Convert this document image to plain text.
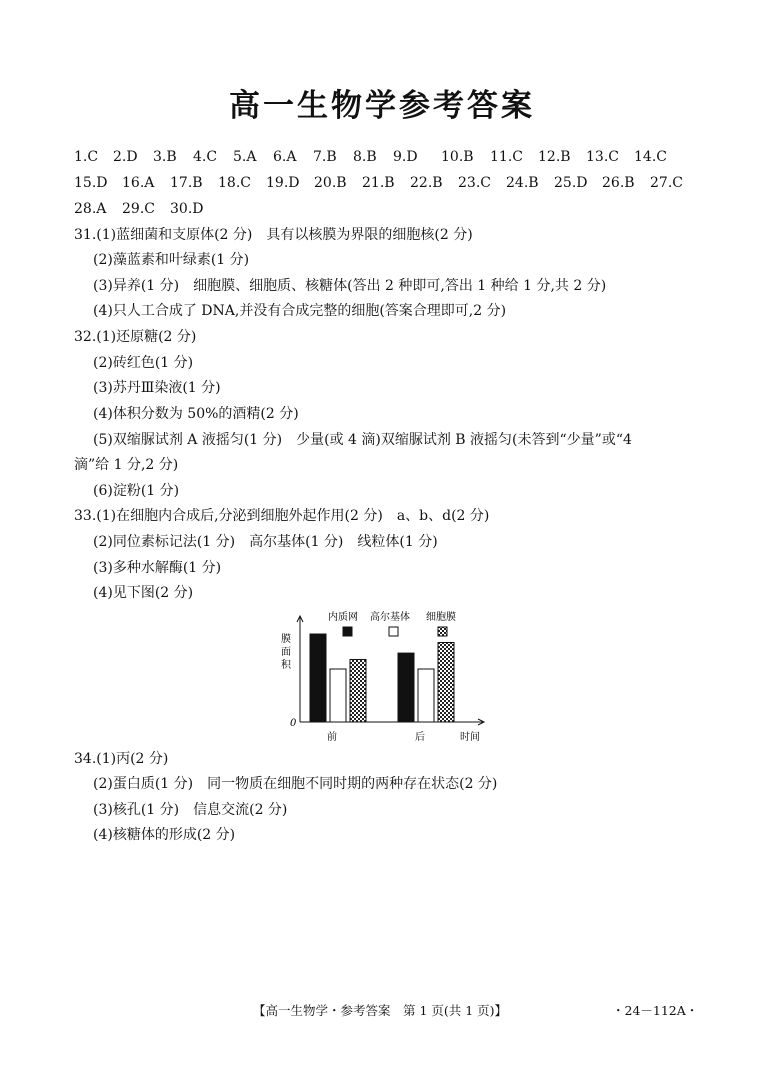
高一生物学参考答案
1.C	2.D	3.B	4.C	5.A	6.A	7.B	8.B	9.D	10.B	11.C	12.B	13.C	14.C
15.D	16.A	17.B	18.C	19.D	20.B	21.B	22.B	23.C	24.B	25.D	26.B	27.C
28.A	29.C	30.D
31.(1)蓝细菌和支原体(2 分)　具有以核膜为界限的细胞核(2 分)
(2)藻蓝素和叶绿素(1 分)
(3)异养(1 分)　细胞膜、细胞质、核糖体(答出 2 种即可,答出 1 种给 1 分,共 2 分)
(4)只人工合成了 DNA,并没有合成完整的细胞(答案合理即可,2 分)
32.(1)还原糖(2 分)
(2)砖红色(1 分)
(3)苏丹Ⅲ染液(1 分)
(4)体积分数为 50%的酒精(2 分)
(5)双缩脲试剂 A 液摇匀(1 分)　少量(或 4 滴)双缩脲试剂 B 液摇匀(未答到“少量”或“4
滴”给 1 分,2 分)
(6)淀粉(1 分)
33.(1)在细胞内合成后,分泌到细胞外起作用(2 分)　a、b、d(2 分)
(2)同位素标记法(1 分)　高尔基体(1 分)　线粒体(1 分)
(3)多种水解酶(1 分)
(4)见下图(2 分)
0
膜
面
积
时间
内质网 高尔基体 细胞膜
前	后
34.(1)丙(2 分)
(2)蛋白质(1 分)　同一物质在细胞不同时期的两种存在状态(2 分)
(3)核孔(1 分)　信息交流(2 分)
(4)核糖体的形成(2 分)
【高一生物学・参考答案　第 1 页(共 1 页)】	・24－112A・
